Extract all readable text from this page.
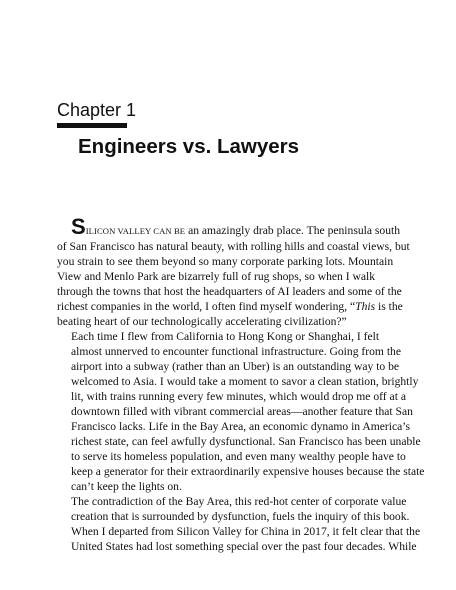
Chapter 1
Engineers vs. Lawyers

SILICON VALLEY CAN BE an amazingly drab place. The peninsula south
of San Francisco has natural beauty, with rolling hills and coastal views, but
you strain to see them beyond so many corporate parking lots. Mountain
View and Menlo Park are bizarrely full of rug shops, so when I walk
through the towns that host the headquarters of AI leaders and some of the
richest companies in the world, I often find myself wondering, “This is the
beating heart of our technologically accelerating civilization?”

Each time I flew from California to Hong Kong or Shanghai, I felt
almost unnerved to encounter functional infrastructure. Going from the
airport into a subway (rather than an Uber) is an outstanding way to be
welcomed to Asia. I would take a moment to savor a clean station, brightly
lit, with trains running every few minutes, which would drop me off at a
downtown filled with vibrant commercial areas—another feature that San
Francisco lacks. Life in the Bay Area, an economic dynamo in America’s
richest state, can feel awfully dysfunctional. San Francisco has been unable
to serve its homeless population, and even many wealthy people have to
keep a generator for their extraordinarily expensive houses because the state
can’t keep the lights on.

The contradiction of the Bay Area, this red-hot center of corporate value
creation that is surrounded by dysfunction, fuels the inquiry of this book.
When I departed from Silicon Valley for China in 2017, it felt clear that the
United States had lost something special over the past four decades. While
